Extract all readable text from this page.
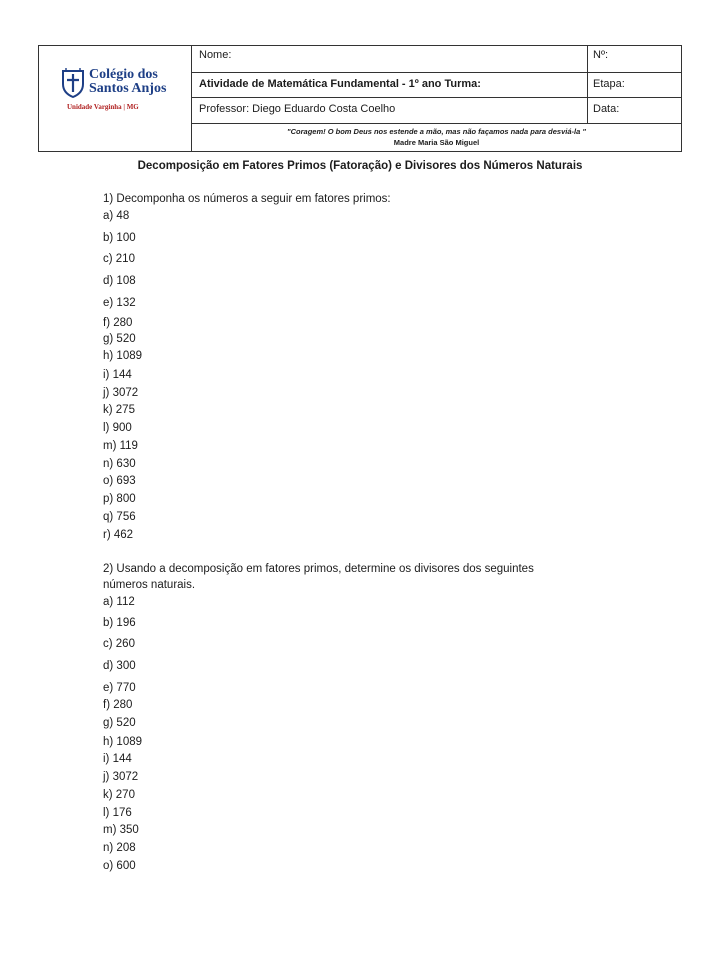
Colégio dos
Santos Anjos
Unidade Varginha | MG
Nome:	Nº:
Atividade de Matemática Fundamental - 1º ano Turma:	Etapa:
Professor: Diego Eduardo Costa Coelho	Data:
"Coragem! O bom Deus nos estende a mão, mas não façamos nada para desviá-la "
Madre Maria São Miguel
Decomposição em Fatores Primos (Fatoração) e Divisores dos Números Naturais
1) Decomponha os números a seguir em fatores primos:
a) 48
b) 100
c) 210
d) 108
e) 132
f) 280
g) 520
h) 1089
i) 144
j) 3072
k) 275
l) 900
m) 119
n) 630
o) 693
p) 800
q) 756
r) 462
2) Usando a decomposição em fatores primos, determine os divisores dos seguintes
números naturais.
a) 112
b) 196
c) 260
d) 300
e) 770
f) 280
g) 520
h) 1089
i) 144
j) 3072
k) 270
l) 176
m) 350
n) 208
o) 600
